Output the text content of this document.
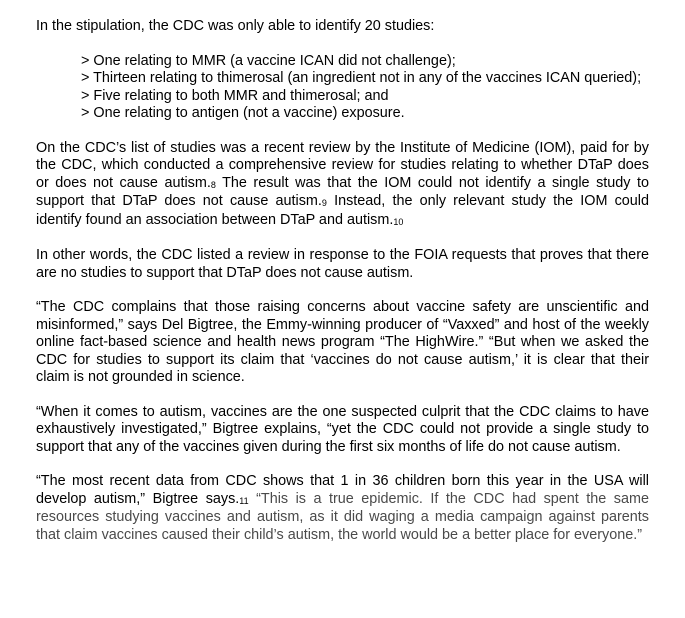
In the stipulation, the CDC was only able to identify 20 studies:

> One relating to MMR (a vaccine ICAN did not challenge);
> Thirteen relating to thimerosal (an ingredient not in any of the vaccines ICAN queried);
> Five relating to both MMR and thimerosal; and
> One relating to antigen (not a vaccine) exposure.

On the CDC’s list of studies was a recent review by the Institute of Medicine (IOM), paid for by the CDC, which conducted a comprehensive review for studies relating to whether DTaP does or does not cause autism.$^8$ The result was that the IOM could not identify a single study to support that DTaP does not cause autism.$^9$ Instead, the only relevant study the IOM could identify found an association between DTaP and autism.$^{10}$

In other words, the CDC listed a review in response to the FOIA requests that proves that there are no studies to support that DTaP does not cause autism.

“The CDC complains that those raising concerns about vaccine safety are unscientific and misinformed,” says Del Bigtree, the Emmy-winning producer of “Vaxxed” and host of the weekly online fact-based science and health news program “The HighWire.” “But when we asked the CDC for studies to support its claim that ‘vaccines do not cause autism,’ it is clear that their claim is not grounded in science.

“When it comes to autism, vaccines are the one suspected culprit that the CDC claims to have exhaustively investigated,” Bigtree explains, “yet the CDC could not provide a single study to support that any of the vaccines given during the first six months of life do not cause autism.

“The most recent data from CDC shows that 1 in 36 children born this year in the USA will develop autism,” Bigtree says.$^{11}$ “This is a true epidemic. If the CDC had spent the same resources studying vaccines and autism, as it did waging a media campaign against parents that claim vaccines caused their child’s autism, the world would be a better place for everyone.”
